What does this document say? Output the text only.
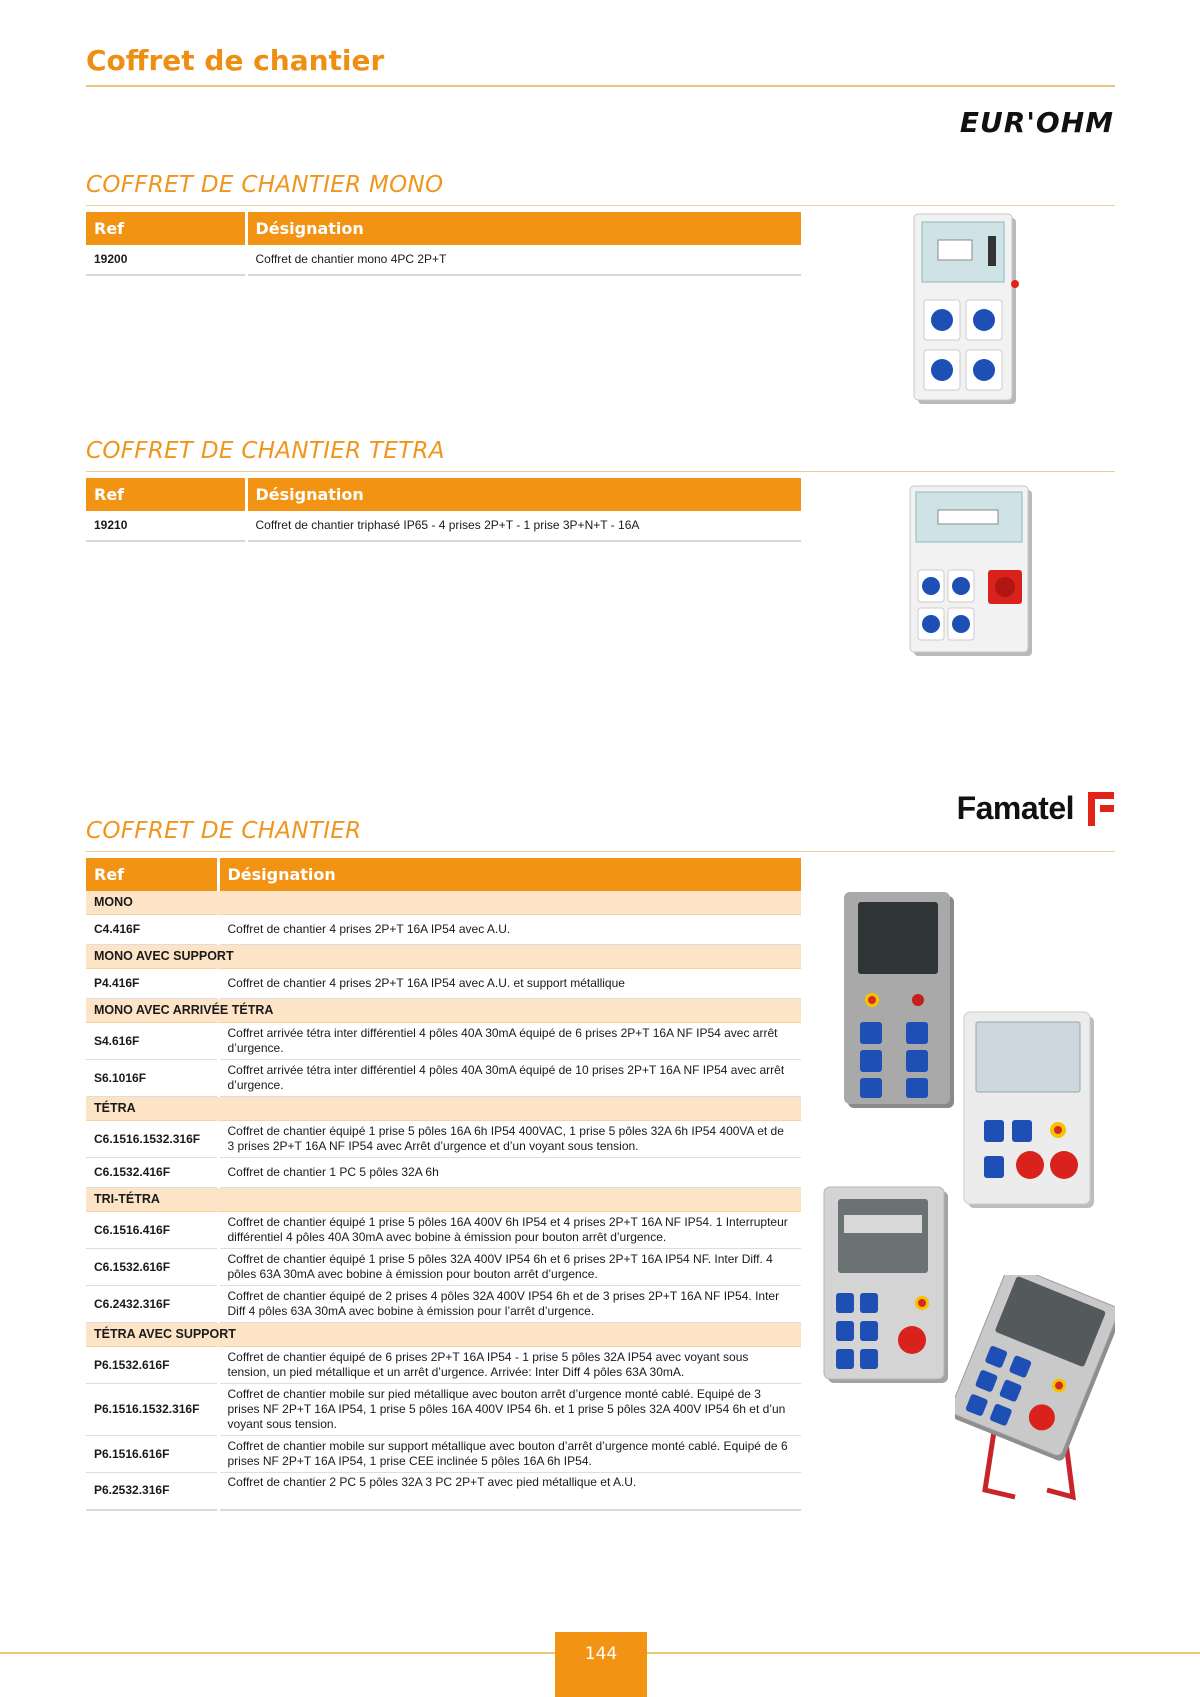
Coffret de chantier
EUR'OHM
COFFRET DE CHANTIER MONO
Ref	Désignation
19200	Coffret de chantier mono 4PC 2P+T
COFFRET DE CHANTIER TETRA
Ref	Désignation
19210	Coffret de chantier triphasé IP65 - 4 prises 2P+T - 1 prise 3P+N+T - 16A
Famatel
COFFRET DE CHANTIER
Ref	Désignation
MONO	
C4.416F	Coffret de chantier 4 prises 2P+T 16A IP54 avec A.U.
MONO AVEC SUPPORT	
P4.416F	Coffret de chantier 4 prises 2P+T 16A IP54 avec A.U. et support métallique
MONO AVEC ARRIVÉE TÉTRA	
S4.616F	Coffret arrivée tétra inter différentiel 4 pôles 40A 30mA équipé de 6 prises 2P+T 16A NF IP54 avec arrêt d’urgence.
S6.1016F	Coffret arrivée tétra inter différentiel 4 pôles 40A 30mA équipé de 10 prises 2P+T 16A NF IP54 avec arrêt d’urgence.
TÉTRA	
C6.1516.1532.316F	Coffret de chantier équipé 1 prise 5 pôles 16A 6h IP54 400VAC, 1 prise 5 pôles 32A 6h IP54 400VA et de 3 prises 2P+T 16A NF IP54 avec Arrêt d’urgence et d’un voyant sous tension.
C6.1532.416F	Coffret de chantier 1 PC 5 pôles 32A 6h
TRI-TÉTRA	
C6.1516.416F	Coffret de chantier équipé 1 prise 5 pôles 16A 400V 6h IP54 et 4 prises 2P+T 16A NF IP54. 1 Interrupteur différentiel 4 pôles 40A 30mA avec bobine à émission pour bouton arrêt d’urgence.
C6.1532.616F	Coffret de chantier équipé 1 prise 5 pôles 32A 400V IP54 6h et 6 prises 2P+T 16A IP54 NF. Inter Diff. 4 pôles 63A 30mA avec bobine à émission pour bouton arrêt d’urgence.
C6.2432.316F	Coffret de chantier équipé de 2 prises 4 pôles 32A 400V IP54 6h et de 3 prises 2P+T 16A NF IP54. Inter Diff 4 pôles 63A 30mA avec bobine à émission pour l’arrêt d’urgence.
TÉTRA AVEC SUPPORT	
P6.1532.616F	Coffret de chantier équipé de 6 prises 2P+T 16A IP54 - 1 prise 5 pôles 32A IP54 avec voyant sous tension, un pied métallique et un arrêt d’urgence. Arrivée: Inter Diff 4 pôles 63A 30mA.
P6.1516.1532.316F	Coffret de chantier mobile sur pied métallique avec bouton arrêt d’urgence monté cablé. Equipé de 3 prises NF 2P+T 16A IP54, 1 prise 5 pôles 16A 400V IP54 6h. et 1 prise 5 pôles 32A 400V IP54 6h et d’un voyant sous tension.
P6.1516.616F	Coffret de chantier mobile sur support métallique avec bouton d’arrêt d’urgence monté cablé. Equipé de 6 prises NF 2P+T 16A IP54, 1 prise CEE inclinée 5 pôles 16A 6h IP54.
P6.2532.316F	Coffret de chantier 2 PC 5 pôles 32A 3 PC 2P+T avec pied métallique et A.U.
144
